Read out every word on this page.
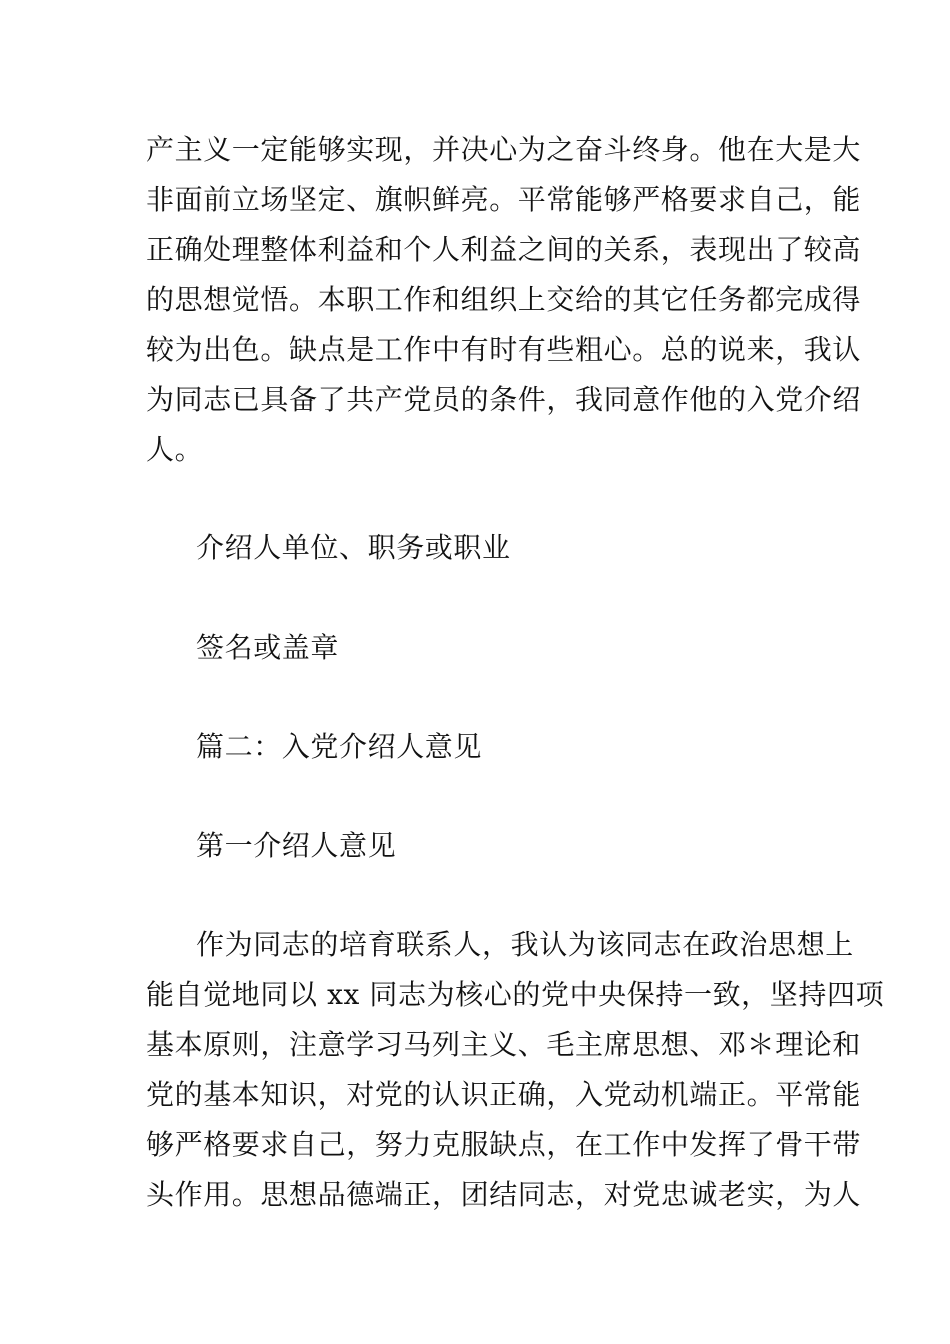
产主义一定能够实现，并决心为之奋斗终身。他在大是大
非面前立场坚定、旗帜鲜亮。平常能够严格要求自己，能
正确处理整体利益和个人利益之间的关系，表现出了较高
的思想觉悟。本职工作和组织上交给的其它任务都完成得
较为出色。缺点是工作中有时有些粗心。总的说来，我认
为同志已具备了共产党员的条件，我同意作他的入党介绍
人。
介绍人单位、职务或职业
签名或盖章
篇二：入党介绍人意见
第一介绍人意见
作为同志的培育联系人，我认为该同志在政治思想上
能自觉地同以 xx 同志为核心的党中央保持一致，坚持四项
基本原则，注意学习马列主义、毛主席思想、邓＊理论和
党的基本知识，对党的认识正确，入党动机端正。平常能
够严格要求自己，努力克服缺点，在工作中发挥了骨干带
头作用。思想品德端正，团结同志，对党忠诚老实，为人
